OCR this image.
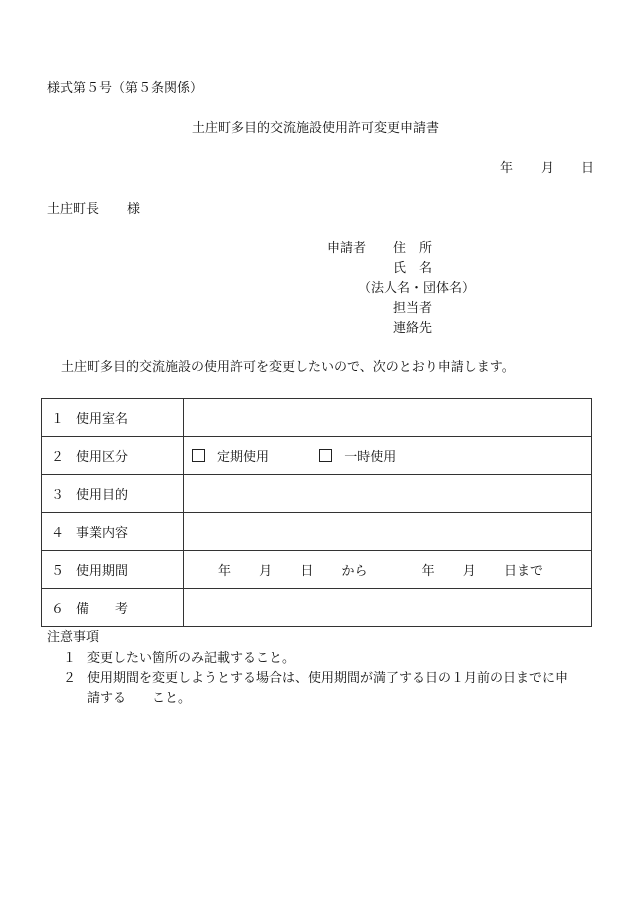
様式第５号（第５条関係）
土庄町多目的交流施設使用許可変更申請書
年 月 日
土庄町長 様
申請者 住　所
氏　名
（法人名・団体名）
担当者
連絡先
土庄町多目的交流施設の使用許可を変更したいので、次のとおり申請します。
１ 使用室名	
２ 使用区分	定期使用 一時使用
３ 使用目的	
４ 事業内容	
５ 使用期間	年 月 日 から 年 月 日まで
６ 備　　考	
注意事項
１ 変更したい箇所のみ記載すること。
２ 使用期間を変更しようとする場合は、使用期間が満了する日の１月前の日までに申
請する　　こと。
